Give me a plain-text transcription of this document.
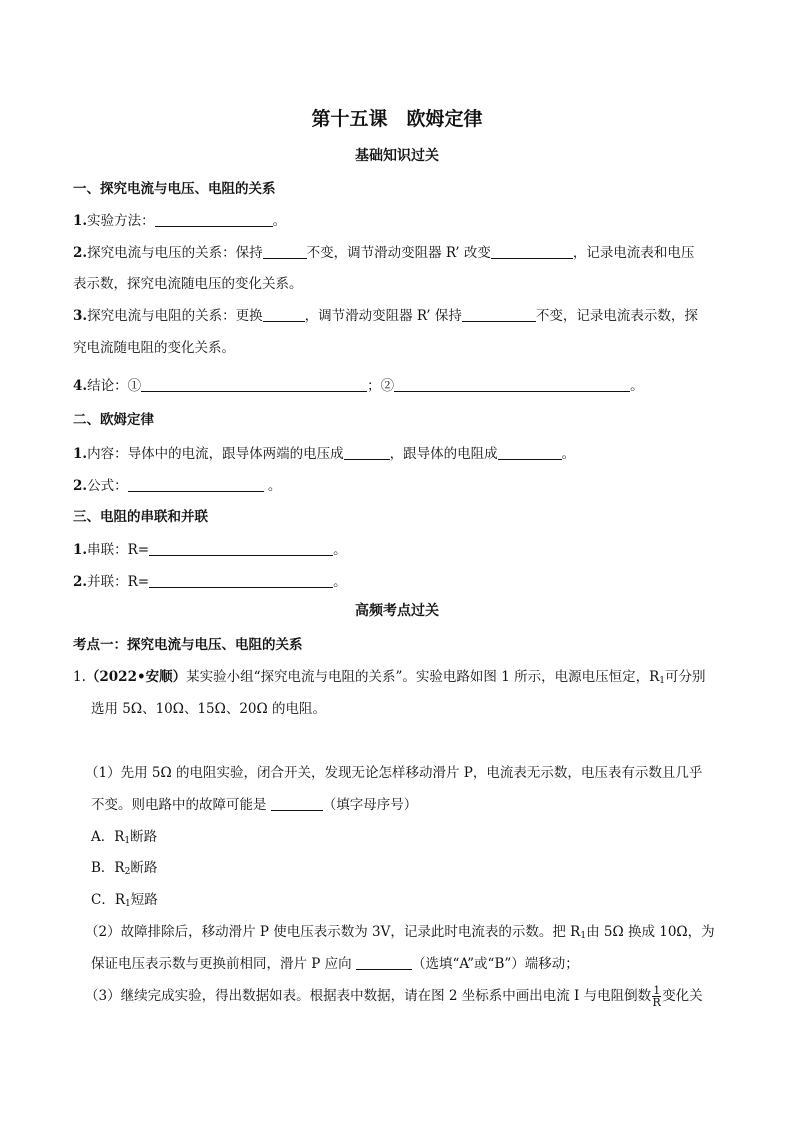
第十五课　欧姆定律
基础知识过关
一、探究电流与电压、电阻的关系
1.实验方法：	。
2.探究电流与电压的关系：保持	不变，调节滑动变阻器 R’ 改变	，记录电流表和电压
表示数，探究电流随电压的变化关系。
3.探究电流与电阻的关系：更换	，调节滑动变阻器 R’ 保持	不变，记录电流表示数，探
究电流随电阻的变化关系。
4.结论：①	；②	。
二、欧姆定律
1.内容：导体中的电流，跟导体两端的电压成	，跟导体的电阻成	。
2.公式：	。
三、电阻的串联和并联
1.串联：R=	。
2.并联：R=	。
高频考点过关
考点一：探究电流与电压、电阻的关系
1.（2022•安顺）某实验小组“探究电流与电阻的关系”。实验电路如图 1 所示，电源电压恒定，$R_1$可分别
选用 5Ω、10Ω、15Ω、20Ω 的电阻。
（1）先用 5Ω 的电阻实验，闭合开关，发现无论怎样移动滑片 P，电流表无示数，电压表有示数且几乎
不变。则电路中的故障可能是	（填字母序号）
A．$R_1$断路
B．$R_2$断路
C．$R_1$短路
（2）故障排除后，移动滑片 P 使电压表示数为 3V，记录此时电流表的示数。把 $R_1$由 5Ω 换成 10Ω，为
保证电压表示数与更换前相同，滑片 P 应向	（选填“A”或“B”）端移动；
（3）继续完成实验，得出数据如表。根据表中数据，请在图 2 坐标系中画出电流 I 与电阻倒数 $\frac{1}{R}$ 变化关
